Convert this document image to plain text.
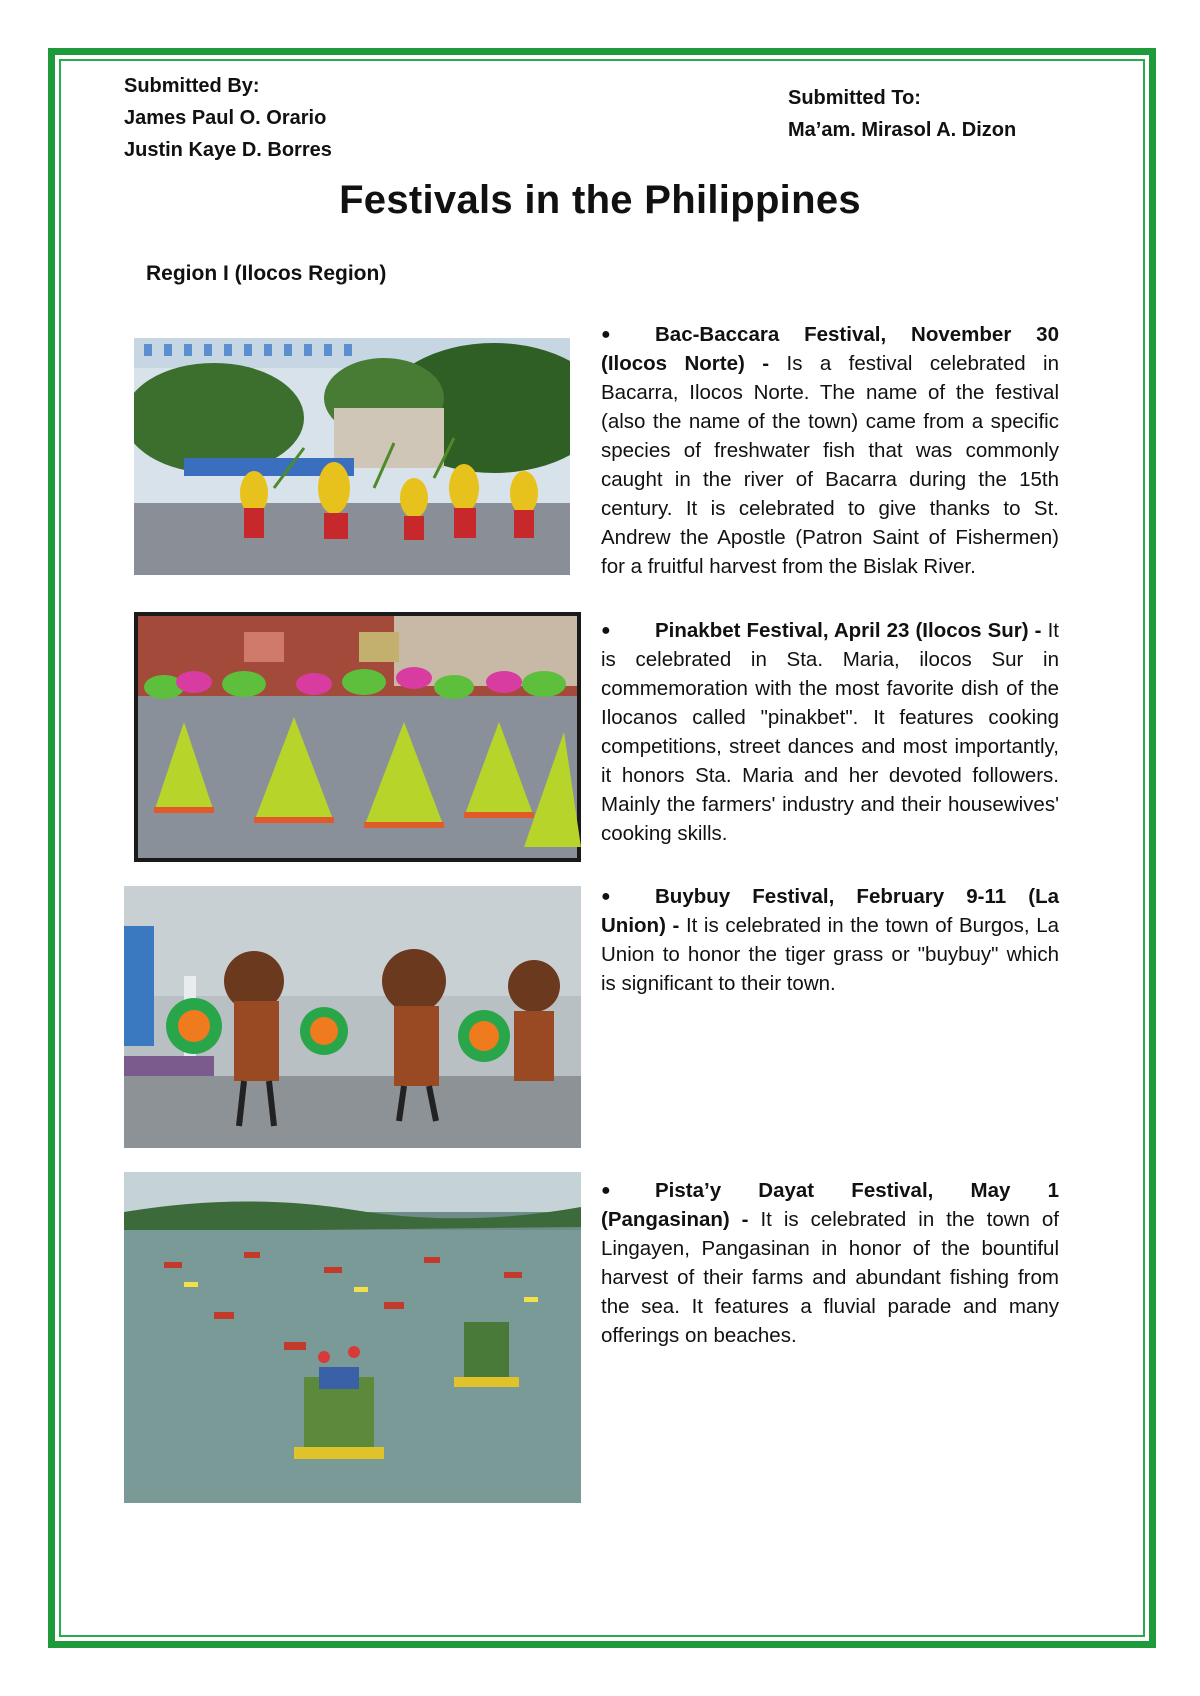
Submitted By:
James Paul O. Orario
Justin Kaye D. Borres
Submitted To:
Ma’am. Mirasol A. Dizon
Festivals in the Philippines
Region I (Ilocos Region)
● Bac-Baccara Festival, November 30 (Ilocos Norte) - Is a festival celebrated in Bacarra, Ilocos Norte. The name of the festival (also the name of the town) came from a specific species of freshwater fish that was commonly caught in the river of Bacarra during the 15th century. It is celebrated to give thanks to St. Andrew the Apostle (Patron Saint of Fishermen) for a fruitful harvest from the Bislak River.
● Pinakbet Festival, April 23 (Ilocos Sur) - It is celebrated in Sta. Maria, ilocos Sur in commemoration with the most favorite dish of the Ilocanos called "pinakbet". It features cooking competitions, street dances and most importantly, it honors Sta. Maria and her devoted followers. Mainly the farmers' industry and their housewives' cooking skills.
● Buybuy Festival, February 9-11 (La Union) - It is celebrated in the town of Burgos, La Union to honor the tiger grass or "buybuy" which is significant to their town.
● Pista’y Dayat Festival, May 1 (Pangasinan) - It is celebrated in the town of Lingayen, Pangasinan in honor of the bountiful harvest of their farms and abundant fishing from the sea. It features a fluvial parade and many offerings on beaches.
